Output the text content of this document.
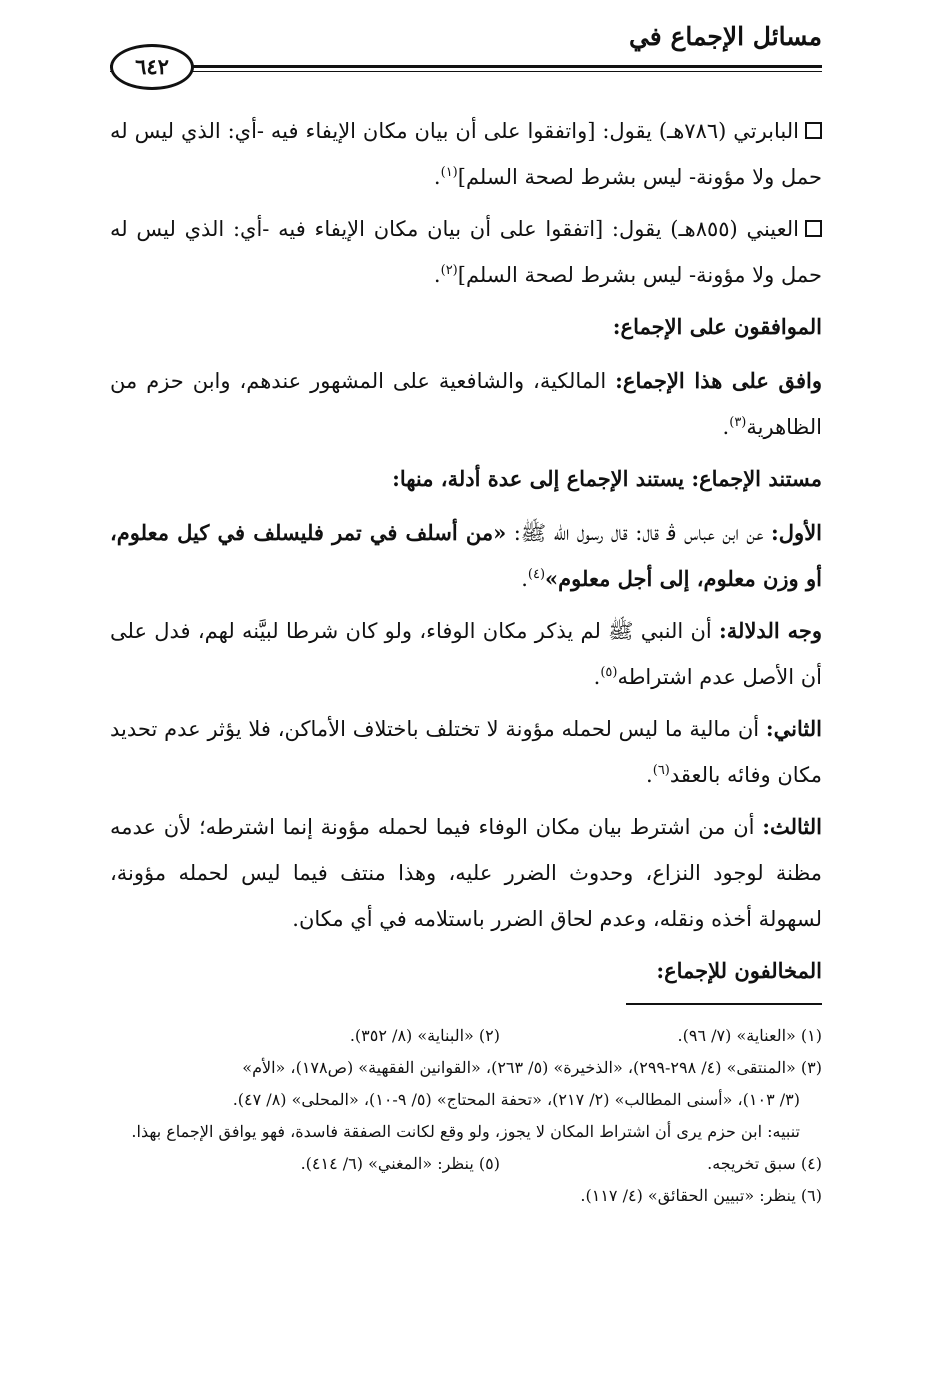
مسائل الإجماع في
٦٤٢

البابرتي (٧٨٦هـ) يقول: [واتفقوا على أن بيان مكان الإيفاء فيه -أي: الذي ليس له حمل ولا مؤونة- ليس بشرط لصحة السلم]$^{(١)}$.

العيني (٨٥٥هـ) يقول: [اتفقوا على أن بيان مكان الإيفاء فيه -أي: الذي ليس له حمل ولا مؤونة- ليس بشرط لصحة السلم]$^{(٢)}$.

الموافقون على الإجماع:

وافق على هذا الإجماع: المالكية، والشافعية على المشهور عندهم، وابن حزم من الظاهرية$^{(٣)}$.

مستند الإجماع: يستند الإجماع إلى عدة أدلة، منها:

الأول: عن ابن عباس ﭬ قال: قال رسول الله ﷺ: «من أسلف في تمر فليسلف في كيل معلوم، أو وزن معلوم، إلى أجل معلوم»$^{(٤)}$.

وجه الدلالة: أن النبي ﷺ لم يذكر مكان الوفاء، ولو كان شرطا لبيَّنه لهم، فدل على أن الأصل عدم اشتراطه$^{(٥)}$.

الثاني: أن مالية ما ليس لحمله مؤونة لا تختلف باختلاف الأماكن، فلا يؤثر عدم تحديد مكان وفائه بالعقد$^{(٦)}$.

الثالث: أن من اشترط بيان مكان الوفاء فيما لحمله مؤونة إنما اشترطه؛ لأن عدمه مظنة لوجود النزاع، وحدوث الضرر عليه، وهذا منتف فيما ليس لحمله مؤونة، لسهولة أخذه ونقله، وعدم لحاق الضرر باستلامه في أي مكان.

المخالفون للإجماع:

(١) «العناية» (٧/ ٩٦).
(٢) «البناية» (٨/ ٣٥٢).

(٣) «المنتقى» (٤/ ٢٩٨-٢٩٩)، «الذخيرة» (٥/ ٢٦٣)، «القوانين الفقهية» (ص١٧٨)، «الأم»

(٣/ ١٠٣)، «أسنى المطالب» (٢/ ٢١٧)، «تحفة المحتاج» (٥/ ٩-١٠)، «المحلى» (٨/ ٤٧).

تنبيه: ابن حزم يرى أن اشتراط المكان لا يجوز، ولو وقع لكانت الصفقة فاسدة، فهو يوافق الإجماع بهذا.

(٤) سبق تخريجه.
(٥) ينظر: «المغني» (٦/ ٤١٤).

(٦) ينظر: «تبيين الحقائق» (٤/ ١١٧).
